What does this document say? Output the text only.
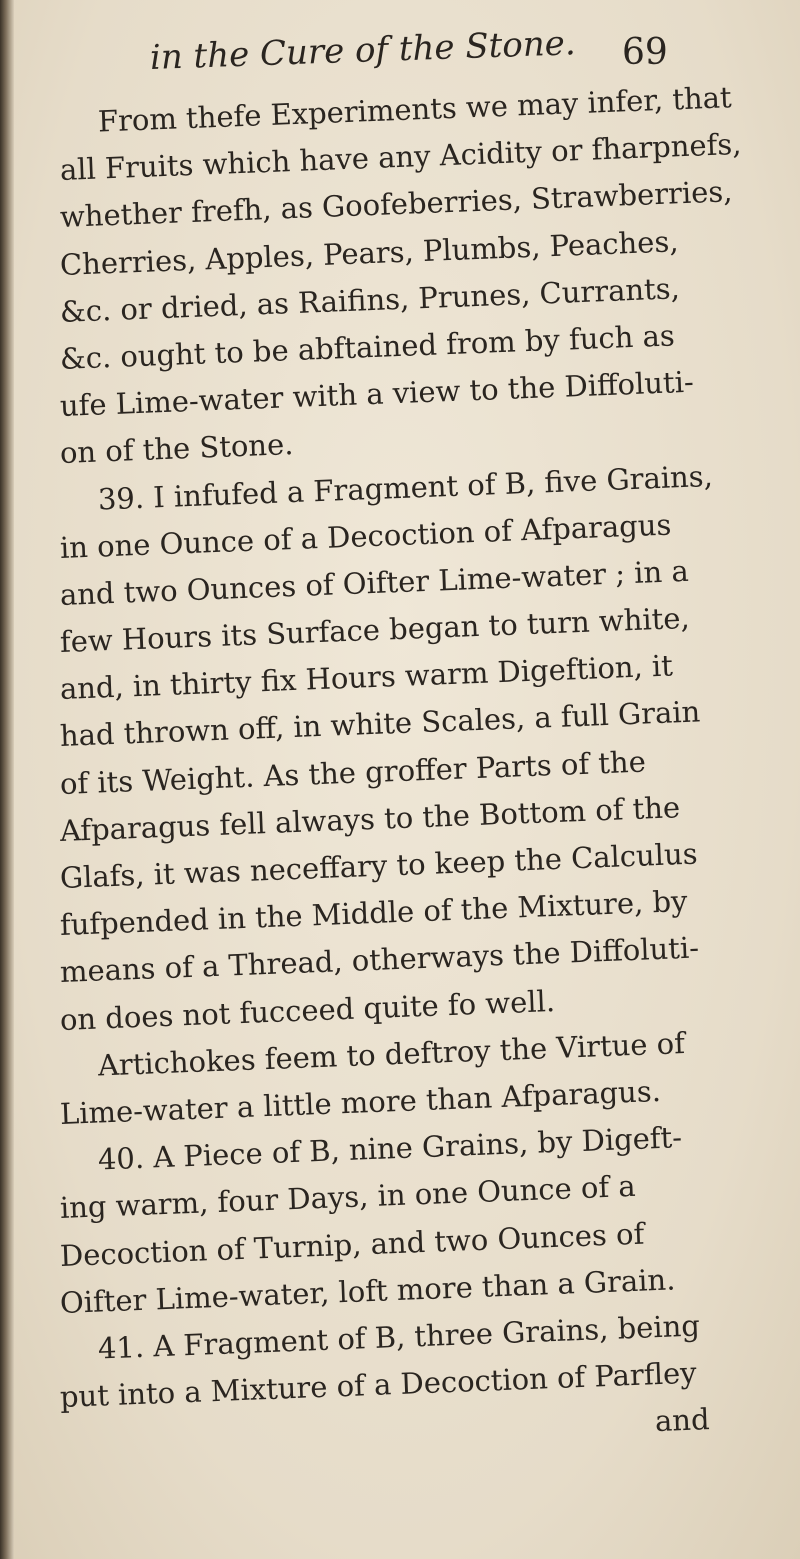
in the Cure of the Stone. 69
From thefe Experiments we may infer, that
all Fruits which have any Acidity or fharpnefs,
whether frefh, as Goofeberries, Strawberries,
Cherries, Apples, Pears, Plumbs, Peaches,
&c. or dried, as Raifins, Prunes, Currants,
&c. ought to be abftained from by fuch as
ufe Lime-water with a view to the Diffoluti-
on of the Stone.
39. I infufed a Fragment of B, five Grains,
in one Ounce of a Decoction of Afparagus
and two Ounces of Oifter Lime-water ; in a
few Hours its Surface began to turn white,
and, in thirty fix Hours warm Digeftion, it
had thrown off, in white Scales, a full Grain
of its Weight. As the groffer Parts of the
Afparagus fell always to the Bottom of the
Glafs, it was neceffary to keep the Calculus
fufpended in the Middle of the Mixture, by
means of a Thread, otherways the Diffoluti-
on does not fucceed quite fo well.
Artichokes feem to deftroy the Virtue of
Lime-water a little more than Afparagus.
40. A Piece of B, nine Grains, by Digeft-
ing warm, four Days, in one Ounce of a
Decoction of Turnip, and two Ounces of
Oifter Lime-water, loft more than a Grain.
41. A Fragment of B, three Grains, being
put into a Mixture of a Decoction of Parfley
and
